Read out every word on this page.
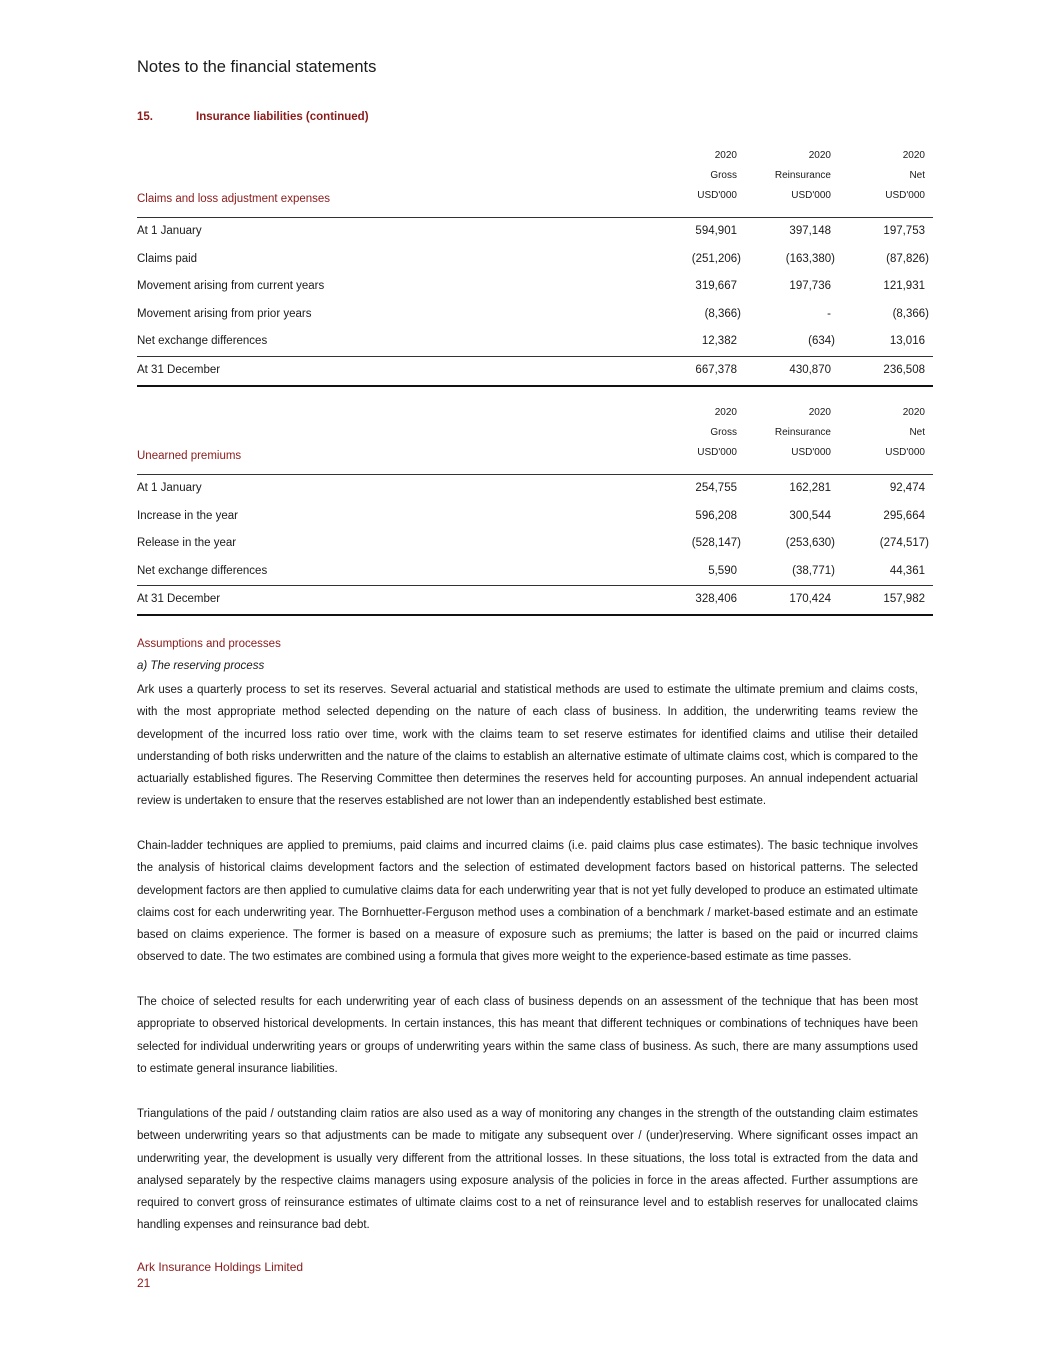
Notes to the financial statements
15.	Insurance liabilities (continued)
2020	2020	2020
Gross	Reinsurance	Net
Claims and loss adjustment expenses	USD'000	USD'000	USD'000
At 1 January	594,901	397,148	197,753
Claims paid	(251,206)	(163,380)	(87,826)
Movement arising from current years	319,667	197,736	121,931
Movement arising from prior years	(8,366)	-	(8,366)
Net exchange differences	12,382	(634)	13,016
At 31 December	667,378	430,870	236,508
2020	2020	2020
Gross	Reinsurance	Net
Unearned premiums	USD'000	USD'000	USD'000
At 1 January	254,755	162,281	92,474
Increase in the year	596,208	300,544	295,664
Release in the year	(528,147)	(253,630)	(274,517)
Net exchange differences	5,590	(38,771)	44,361
At 31 December	328,406	170,424	157,982
Assumptions and processes
a) The reserving process

Ark uses a quarterly process to set its reserves. Several actuarial and statistical methods are used to estimate the ultimate premium and claims costs, with the most appropriate method selected depending on the nature of each class of business. In addition, the underwriting teams review the development of the incurred loss ratio over time, work with the claims team to set reserve estimates for identified claims and utilise their detailed understanding of both risks underwritten and the nature of the claims to establish an alternative estimate of ultimate claims cost, which is compared to the actuarially established figures. The Reserving Committee then determines the reserves held for accounting purposes. An annual independent actuarial review is undertaken to ensure that the reserves established are not lower than an independently established best estimate.

Chain-ladder techniques are applied to premiums, paid claims and incurred claims (i.e. paid claims plus case estimates). The basic technique involves the analysis of historical claims development factors and the selection of estimated development factors based on historical patterns. The selected development factors are then applied to cumulative claims data for each underwriting year that is not yet fully developed to produce an estimated ultimate claims cost for each underwriting year. The Bornhuetter-Ferguson method uses a combination of a benchmark / market-based estimate and an estimate based on claims experience. The former is based on a measure of exposure such as premiums; the latter is based on the paid or incurred claims observed to date. The two estimates are combined using a formula that gives more weight to the experience-based estimate as time passes.

The choice of selected results for each underwriting year of each class of business depends on an assessment of the technique that has been most appropriate to observed historical developments. In certain instances, this has meant that different techniques or combinations of techniques have been selected for individual underwriting years or groups of underwriting years within the same class of business. As such, there are many assumptions used to estimate general insurance liabilities.

Triangulations of the paid / outstanding claim ratios are also used as a way of monitoring any changes in the strength of the outstanding claim estimates between underwriting years so that adjustments can be made to mitigate any subsequent over / (under)reserving. Where significant osses impact an underwriting year, the development is usually very different from the attritional losses. In these situations, the loss total is extracted from the data and analysed separately by the respective claims managers using exposure analysis of the policies in force in the areas affected. Further assumptions are required to convert gross of reinsurance estimates of ultimate claims cost to a net of reinsurance level and to establish reserves for unallocated claims handling expenses and reinsurance bad debt.

Ark Insurance Holdings Limited
21
